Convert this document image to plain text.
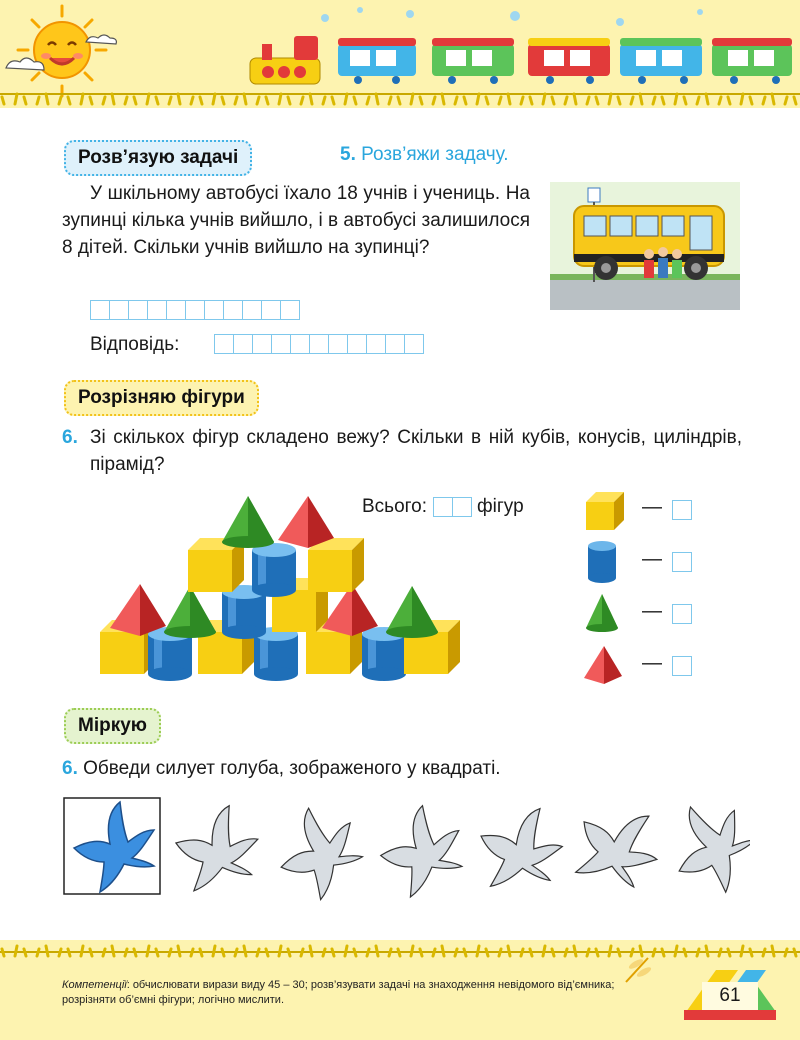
Розв’язую задачі	5. Розв’яжи задачу.
У шкільному автобусі їхало 18 учнів і учениць. На зупинці кілька учнів вийшло, і в автобусі залишилося 8 дітей. Скільки учнів вийшло на зупинці?
Відповідь:
Розрізняю фігури
6. Зі скількох фігур складено вежу? Скільки в ній кубів, конусів, циліндрів, пірамід?
Всього:	фігур	—
—
—
—
Міркую
6. Обведи силует голуба, зображеного у квадраті.
Компетенції: обчислювати вирази виду 45 – 30; розв’язувати задачі на знаходження невідомого від’ємника; розрізняти об’ємні фігури; логічно мислити.	61
